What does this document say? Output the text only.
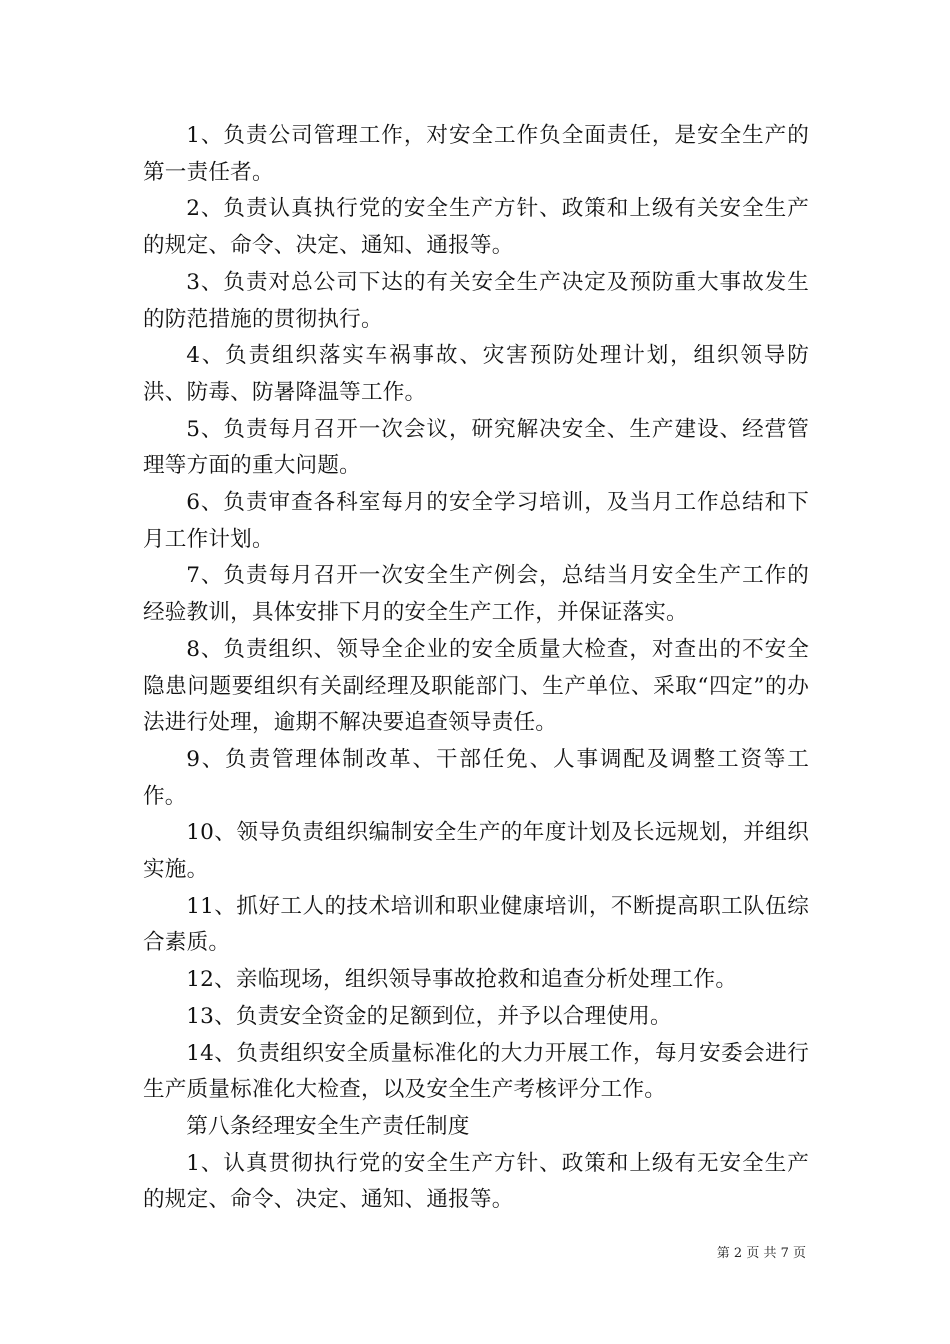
1、负责公司管理工作，对安全工作负全面责任，是安全生产的第一责任者。

2、负责认真执行党的安全生产方针、政策和上级有关安全生产的规定、命令、决定、通知、通报等。

3、负责对总公司下达的有关安全生产决定及预防重大事故发生的防范措施的贯彻执行。

4、负责组织落实车祸事故、灾害预防处理计划，组织领导防洪、防毒、防暑降温等工作。

5、负责每月召开一次会议，研究解决安全、生产建设、经营管理等方面的重大问题。

6、负责审查各科室每月的安全学习培训，及当月工作总结和下月工作计划。

7、负责每月召开一次安全生产例会，总结当月安全生产工作的经验教训，具体安排下月的安全生产工作，并保证落实。

8、负责组织、领导全企业的安全质量大检查，对查出的不安全隐患问题要组织有关副经理及职能部门、生产单位、采取“四定”的办法进行处理，逾期不解决要追查领导责任。

9、负责管理体制改革、干部任免、人事调配及调整工资等工作。

10、领导负责组织编制安全生产的年度计划及长远规划，并组织实施。

11、抓好工人的技术培训和职业健康培训，不断提高职工队伍综合素质。

12、亲临现场，组织领导事故抢救和追查分析处理工作。

13、负责安全资金的足额到位，并予以合理使用。

14、负责组织安全质量标准化的大力开展工作，每月安委会进行生产质量标准化大检查，以及安全生产考核评分工作。

第八条经理安全生产责任制度

1、认真贯彻执行党的安全生产方针、政策和上级有无安全生产的规定、命令、决定、通知、通报等。

第 2 页 共 7 页
